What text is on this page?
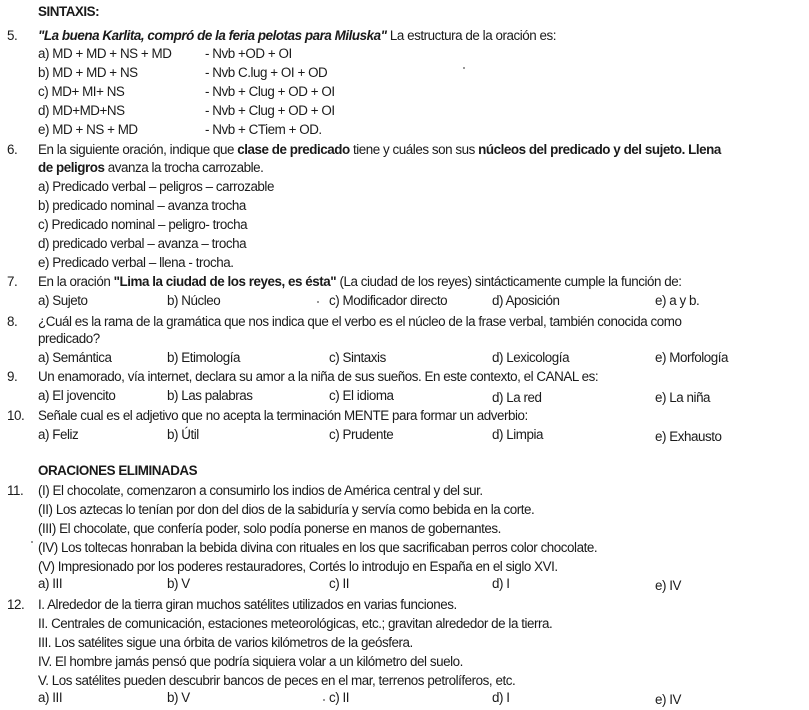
SINTAXIS:
5. "La buena Karlita, compró de la feria pelotas para Miluska" La estructura de la oración es:
a) MD + MD + NS + MD	- Nvb +OD + OI
b) MD + MD + NS	- Nvb C.lug + OI + OD
c) MD+ MI+ NS	- Nvb + Clug + OD + OI
d) MD+MD+NS	- Nvb + Clug + OD + OI
e) MD + NS + MD	- Nvb + CTiem + OD.
6. En la siguiente oración, indique que clase de predicado tiene y cuáles son sus núcleos del predicado y del sujeto. Llena
de peligros avanza la trocha carrozable.
a) Predicado verbal – peligros – carrozable
b) predicado nominal – avanza trocha
c) Predicado nominal – peligro- trocha
d) predicado verbal – avanza – trocha
e) Predicado verbal – llena - trocha.
7. En la oración "Lima la ciudad de los reyes, es ésta" (La ciudad de los reyes) sintácticamente cumple la función de:
a) Sujeto	b) Núcleo	c) Modificador directo	d) Aposición	e) a y b.
8. ¿Cuál es la rama de la gramática que nos indica que el verbo es el núcleo de la frase verbal, también conocida como
predicado?
a) Semántica	b) Etimología	c) Sintaxis	d) Lexicología	e) Morfología
9. Un enamorado, vía internet, declara su amor a la niña de sus sueños. En este contexto, el CANAL es:
a) El jovencito	b) Las palabras	c) El idioma	d) La red	e) La niña
10. Señale cual es el adjetivo que no acepta la terminación MENTE para formar un adverbio:
a) Feliz	b) Útil	c) Prudente	d) Limpia	e) Exhausto
ORACIONES ELIMINADAS
11. (I) El chocolate, comenzaron a consumirlo los indios de América central y del sur.
(II) Los aztecas lo tenían por don del dios de la sabiduría y servía como bebida en la corte.
(III) El chocolate, que confería poder, solo podía ponerse en manos de gobernantes.
(IV) Los toltecas honraban la bebida divina con rituales en los que sacrificaban perros color chocolate.
(V) Impresionado por los poderes restauradores, Cortés lo introdujo en España en el siglo XVI.
a) III	b) V	c) II	d) I	e) IV
12. I. Alrededor de la tierra giran muchos satélites utilizados en varias funciones.
II. Centrales de comunicación, estaciones meteorológicas, etc.; gravitan alrededor de la tierra.
III. Los satélites sigue una órbita de varios kilómetros de la geósfera.
IV. El hombre jamás pensó que podría siquiera volar a un kilómetro del suelo.
V. Los satélites pueden descubrir bancos de peces en el mar, terrenos petrolíferos, etc.
a) III	b) V	c) II	d) I	e) IV
